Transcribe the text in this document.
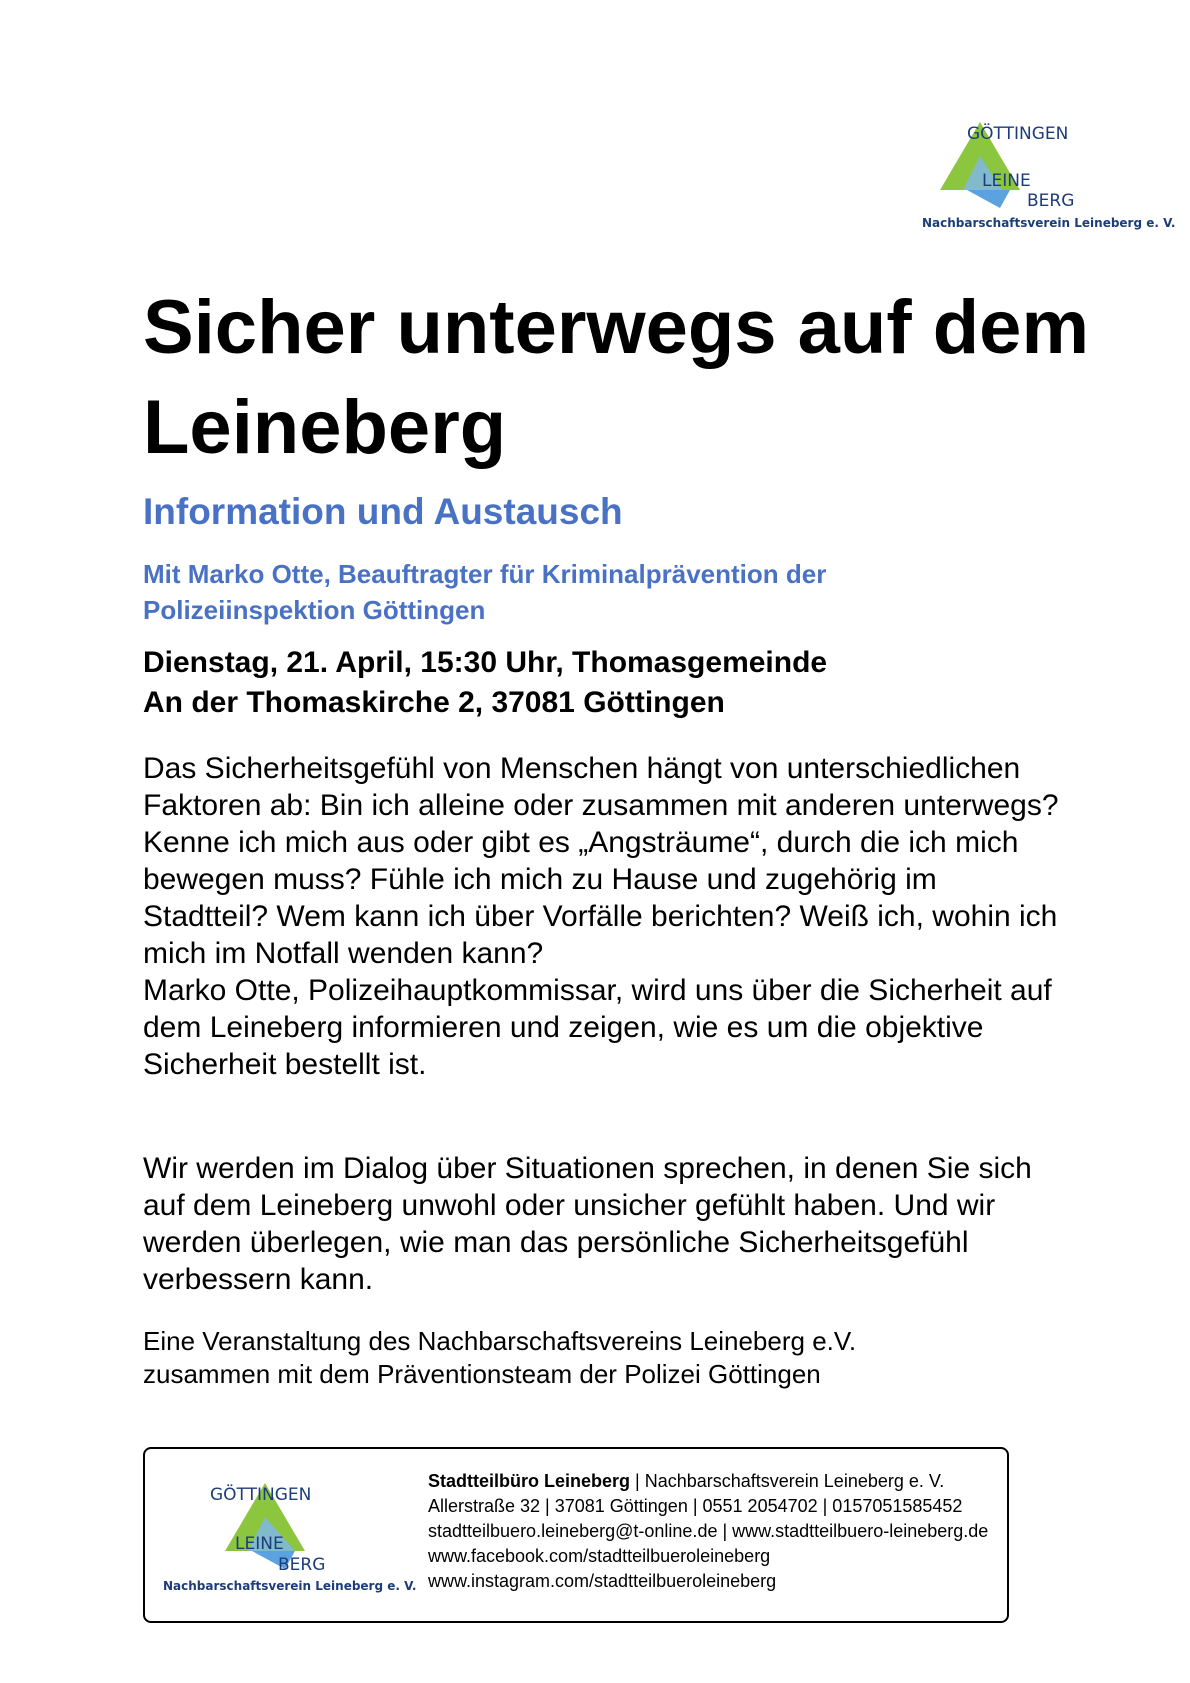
GÖTTINGEN
LEINE
BERG
Nachbarschaftsverein Leineberg e. V.
Sicher unterwegs auf dem Leineberg
Information und Austausch

Mit Marko Otte, Beauftragter für Kriminalprävention der Polizeiinspektion Göttingen

Dienstag, 21. April, 15:30 Uhr, Thomasgemeinde
An der Thomaskirche 2, 37081 Göttingen
Das Sicherheitsgefühl von Menschen hängt von unterschiedlichen Faktoren ab: Bin ich alleine oder zusammen mit anderen unterwegs? Kenne ich mich aus oder gibt es „Angsträume“, durch die ich mich bewegen muss? Fühle ich mich zu Hause und zugehörig im Stadtteil? Wem kann ich über Vorfälle berichten? Weiß ich, wohin ich mich im Notfall wenden kann?
Marko Otte, Polizeihauptkommissar, wird uns über die Sicherheit auf dem Leineberg informieren und zeigen, wie es um die objektive Sicherheit bestellt ist.

Wir werden im Dialog über Situationen sprechen, in denen Sie sich auf dem Leineberg unwohl oder unsicher gefühlt haben. Und wir werden überlegen, wie man das persönliche Sicherheitsgefühl verbessern kann.

Eine Veranstaltung des Nachbarschaftsvereins Leineberg e.V.
zusammen mit dem Präventionsteam der Polizei Göttingen
GÖTTINGEN
LEINE
BERG
Nachbarschaftsverein Leineberg e. V.
Stadtteilbüro Leineberg | Nachbarschaftsverein Leineberg e. V.
Allerstraße 32 | 37081 Göttingen | 0551 2054702 | 0157051585452
stadtteilbuero.leineberg@t-online.de | www.stadtteilbuero-leineberg.de
www.facebook.com/stadtteilbueroleineberg
www.instagram.com/stadtteilbueroleineberg
